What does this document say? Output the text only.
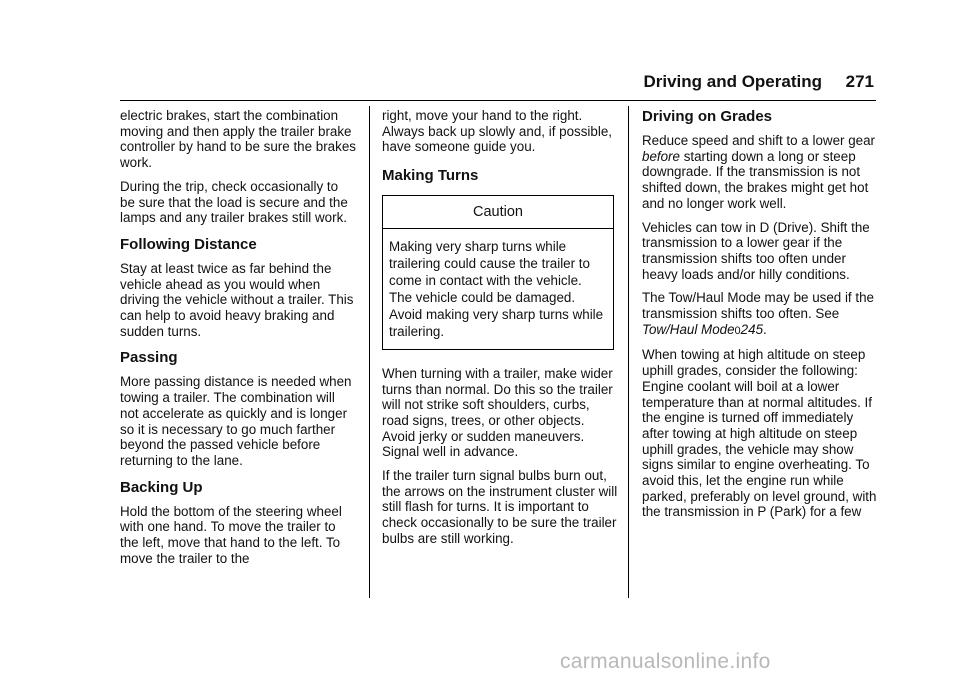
Driving and Operating 271

electric brakes, start the combination moving and then apply the trailer brake controller by hand to be sure the brakes work.

During the trip, check occasionally to be sure that the load is secure and the lamps and any trailer brakes still work.

Following Distance

Stay at least twice as far behind the vehicle ahead as you would when driving the vehicle without a trailer. This can help to avoid heavy braking and sudden turns.

Passing

More passing distance is needed when towing a trailer. The combination will not accelerate as quickly and is longer so it is necessary to go much farther beyond the passed vehicle before returning to the lane.

Backing Up

Hold the bottom of the steering wheel with one hand. To move the trailer to the left, move that hand to the left. To move the trailer to the

right, move your hand to the right. Always back up slowly and, if possible, have someone guide you.

Making Turns
Caution
Making very sharp turns while trailering could cause the trailer to come in contact with the vehicle. The vehicle could be damaged. Avoid making very sharp turns while trailering.

When turning with a trailer, make wider turns than normal. Do this so the trailer will not strike soft shoulders, curbs, road signs, trees, or other objects. Avoid jerky or sudden maneuvers. Signal well in advance.

If the trailer turn signal bulbs burn out, the arrows on the instrument cluster will still flash for turns. It is important to check occasionally to be sure the trailer bulbs are still working.

Driving on Grades

Reduce speed and shift to a lower gear before starting down a long or steep downgrade. If the transmission is not shifted down, the brakes might get hot and no longer work well.

Vehicles can tow in D (Drive). Shift the transmission to a lower gear if the transmission shifts too often under heavy loads and/or hilly conditions.

The Tow/Haul Mode may be used if the transmission shifts too often. See Tow/Haul Mode0245.

When towing at high altitude on steep uphill grades, consider the following: Engine coolant will boil at a lower temperature than at normal altitudes. If the engine is turned off immediately after towing at high altitude on steep uphill grades, the vehicle may show signs similar to engine overheating. To avoid this, let the engine run while parked, preferably on level ground, with the transmission in P (Park) for a few

carmanualsonline.info
